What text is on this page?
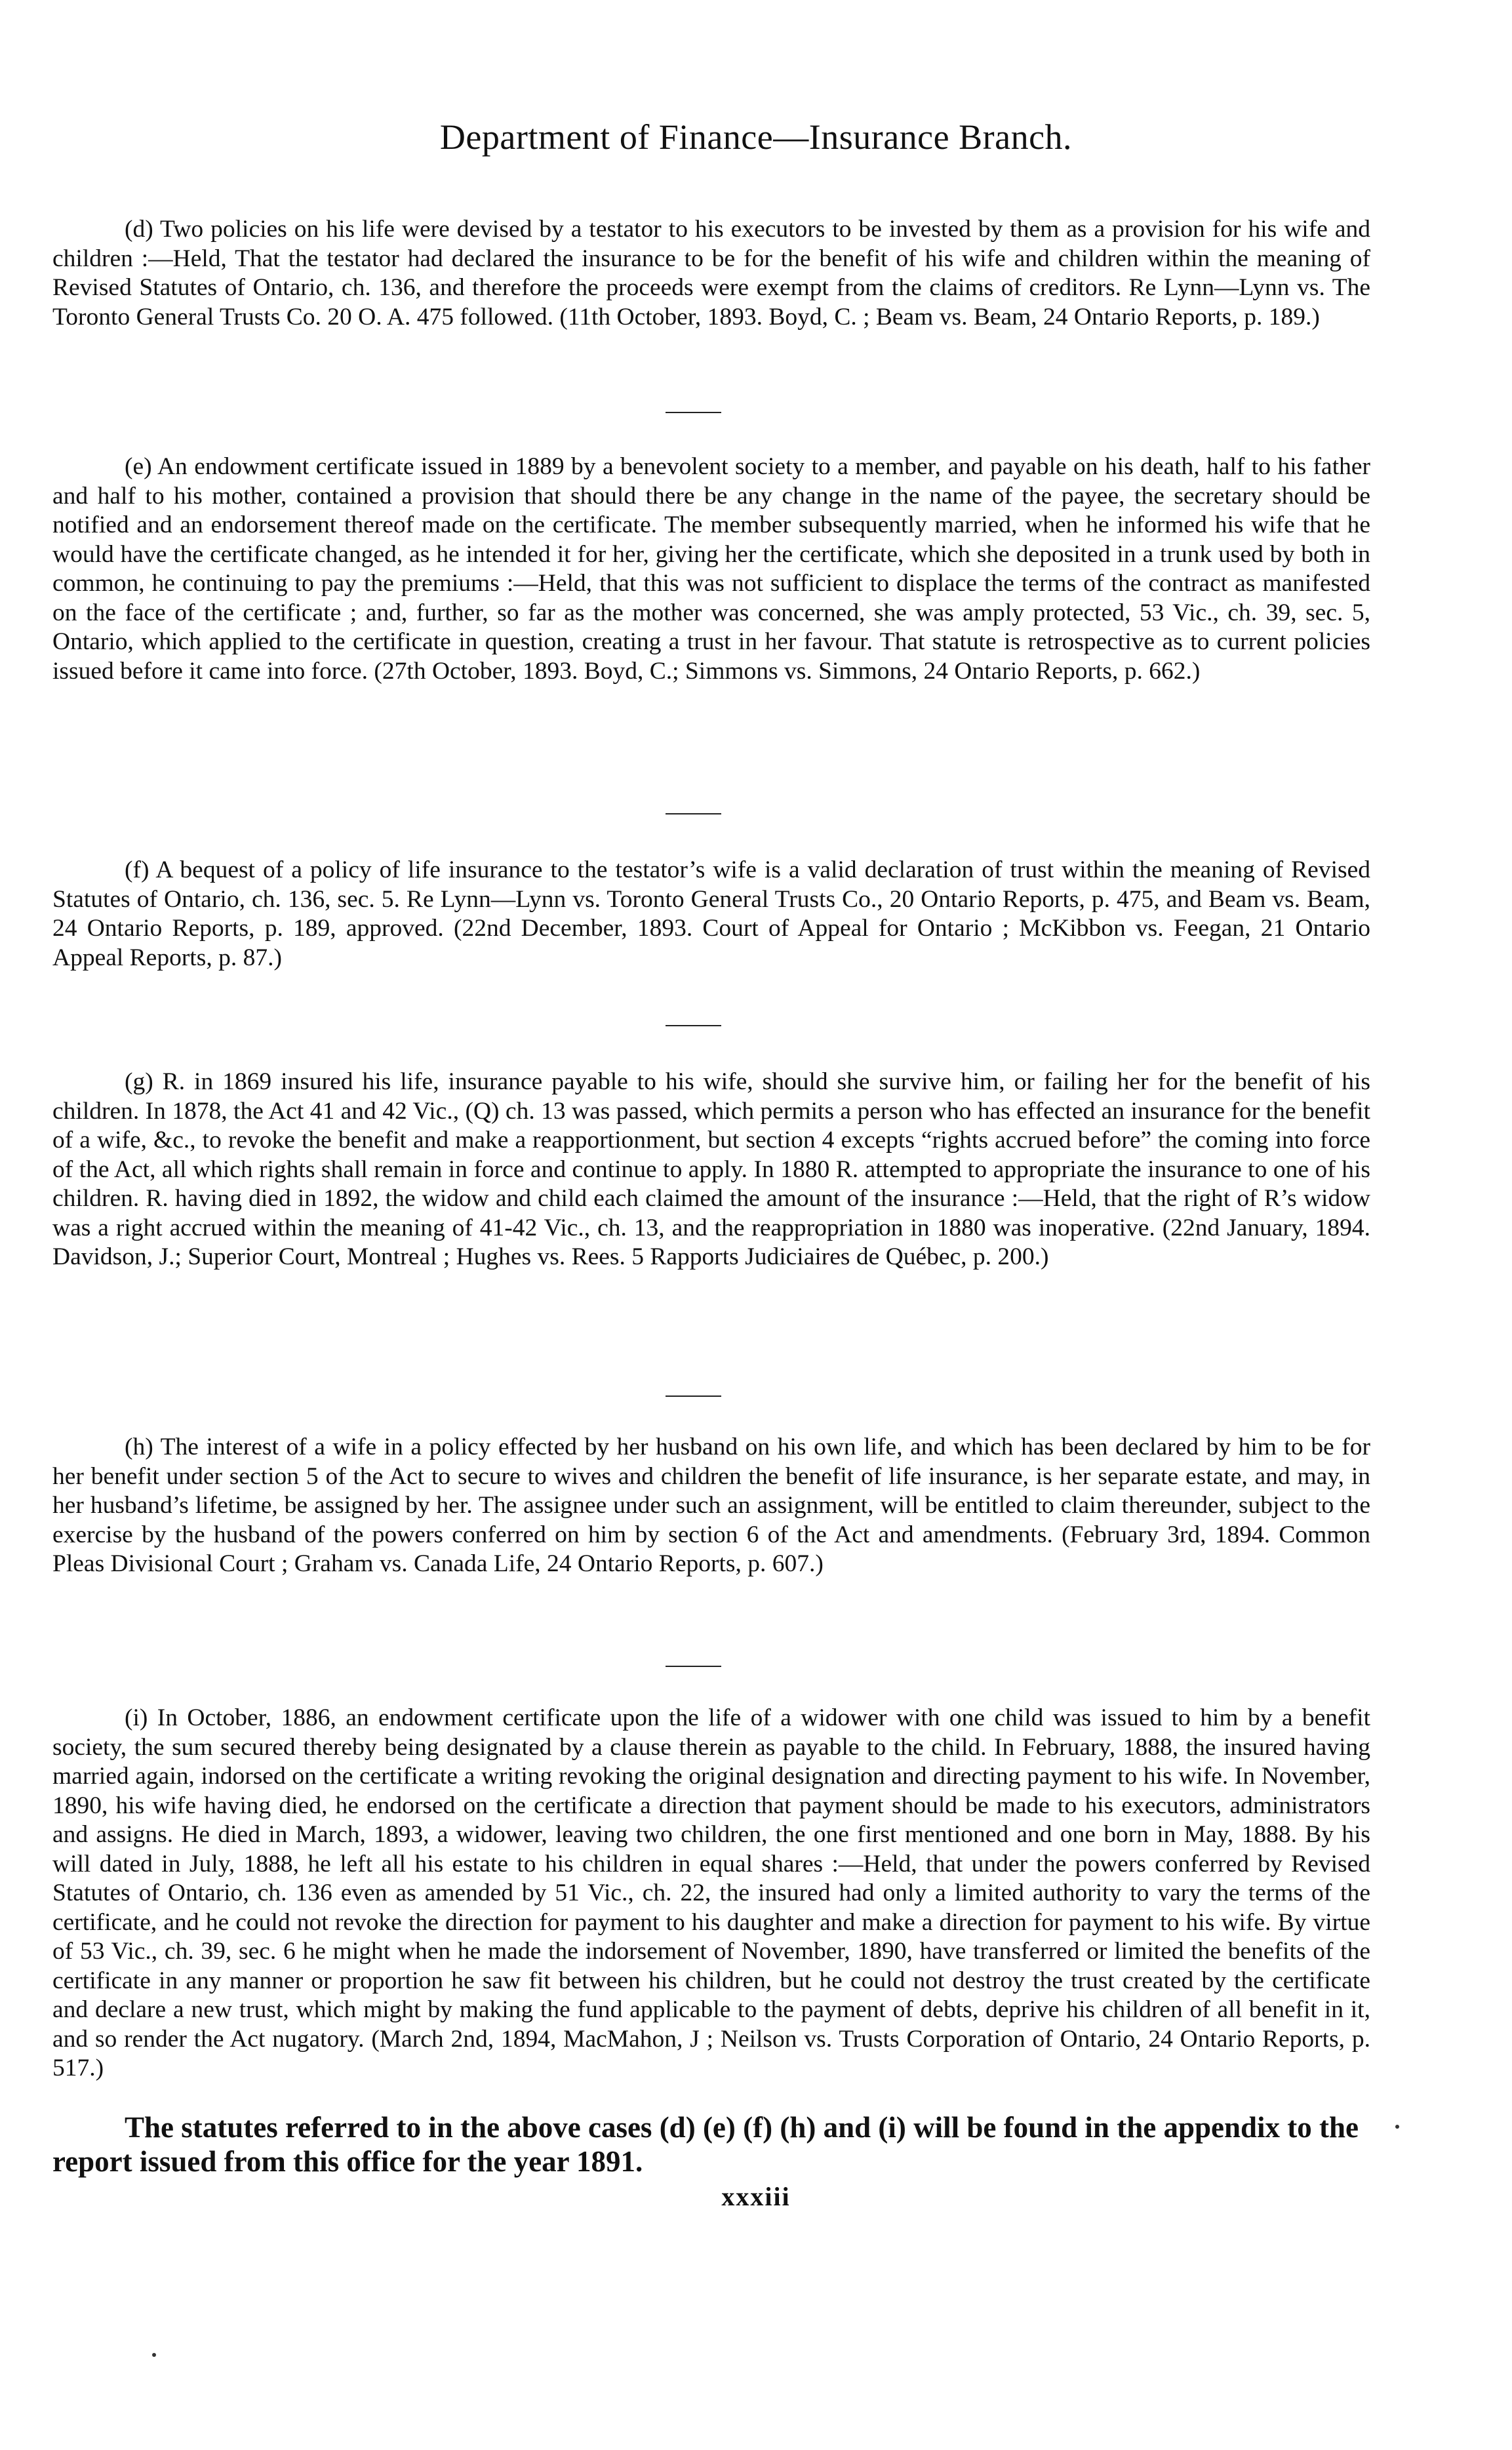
Department of Finance—Insurance Branch.

(d) Two policies on his life were devised by a testator to his executors to be invested by them as a provision for his wife and children :—Held, That the testator had declared the insurance to be for the benefit of his wife and children within the meaning of Revised Statutes of Ontario, ch. 136, and therefore the proceeds were exempt from the claims of creditors. Re Lynn—Lynn vs. The Toronto General Trusts Co. 20 O. A. 475 followed. (11th October, 1893. Boyd, C. ; Beam vs. Beam, 24 Ontario Reports, p. 189.)

(e) An endowment certificate issued in 1889 by a benevolent society to a member, and payable on his death, half to his father and half to his mother, contained a provision that should there be any change in the name of the payee, the secretary should be notified and an endorsement thereof made on the certificate. The member subsequently married, when he informed his wife that he would have the certificate changed, as he intended it for her, giving her the certificate, which she deposited in a trunk used by both in common, he continuing to pay the premiums :—Held, that this was not sufficient to displace the terms of the contract as manifested on the face of the certificate ; and, further, so far as the mother was concerned, she was amply protected, 53 Vic., ch. 39, sec. 5, Ontario, which applied to the certificate in question, creating a trust in her favour. That statute is retrospective as to current policies issued before it came into force. (27th October, 1893. Boyd, C.; Simmons vs. Simmons, 24 Ontario Reports, p. 662.)

(f) A bequest of a policy of life insurance to the testator’s wife is a valid declaration of trust within the meaning of Revised Statutes of Ontario, ch. 136, sec. 5. Re Lynn—Lynn vs. Toronto General Trusts Co., 20 Ontario Reports, p. 475, and Beam vs. Beam, 24 Ontario Reports, p. 189, approved. (22nd December, 1893. Court of Appeal for Ontario ; McKibbon vs. Feegan, 21 Ontario Appeal Reports, p. 87.)

(g) R. in 1869 insured his life, insurance payable to his wife, should she survive him, or failing her for the benefit of his children. In 1878, the Act 41 and 42 Vic., (Q) ch. 13 was passed, which permits a person who has effected an insurance for the benefit of a wife, &c., to revoke the benefit and make a reapportionment, but section 4 excepts “rights accrued before” the coming into force of the Act, all which rights shall remain in force and continue to apply. In 1880 R. attempted to appropriate the insurance to one of his children. R. having died in 1892, the widow and child each claimed the amount of the insurance :—Held, that the right of R’s widow was a right accrued within the meaning of 41-42 Vic., ch. 13, and the reappropriation in 1880 was inoperative. (22nd January, 1894. Davidson, J.; Superior Court, Montreal ; Hughes vs. Rees. 5 Rapports Judiciaires de Québec, p. 200.)

(h) The interest of a wife in a policy effected by her husband on his own life, and which has been declared by him to be for her benefit under section 5 of the Act to secure to wives and children the benefit of life insurance, is her separate estate, and may, in her husband’s lifetime, be assigned by her. The assignee under such an assignment, will be entitled to claim thereunder, subject to the exercise by the husband of the powers conferred on him by section 6 of the Act and amendments. (February 3rd, 1894. Common Pleas Divisional Court ; Graham vs. Canada Life, 24 Ontario Reports, p. 607.)

(i) In October, 1886, an endowment certificate upon the life of a widower with one child was issued to him by a benefit society, the sum secured thereby being designated by a clause therein as payable to the child. In February, 1888, the insured having married again, indorsed on the certificate a writing revoking the original designation and directing payment to his wife. In November, 1890, his wife having died, he endorsed on the certificate a direction that payment should be made to his executors, administrators and assigns. He died in March, 1893, a widower, leaving two children, the one first mentioned and one born in May, 1888. By his will dated in July, 1888, he left all his estate to his children in equal shares :—Held, that under the powers conferred by Revised Statutes of Ontario, ch. 136 even as amended by 51 Vic., ch. 22, the insured had only a limited authority to vary the terms of the certificate, and he could not revoke the direction for payment to his daughter and make a direction for payment to his wife. By virtue of 53 Vic., ch. 39, sec. 6 he might when he made the indorsement of November, 1890, have transferred or limited the benefits of the certificate in any manner or proportion he saw fit between his children, but he could not destroy the trust created by the certificate and declare a new trust, which might by making the fund applicable to the payment of debts, deprive his children of all benefit in it, and so render the Act nugatory. (March 2nd, 1894, MacMahon, J ; Neilson vs. Trusts Corporation of Ontario, 24 Ontario Reports, p. 517.)

The statutes referred to in the above cases (d) (e) (f) (h) and (i) will be found in the appendix to the report issued from this office for the year 1891.

xxxiii
